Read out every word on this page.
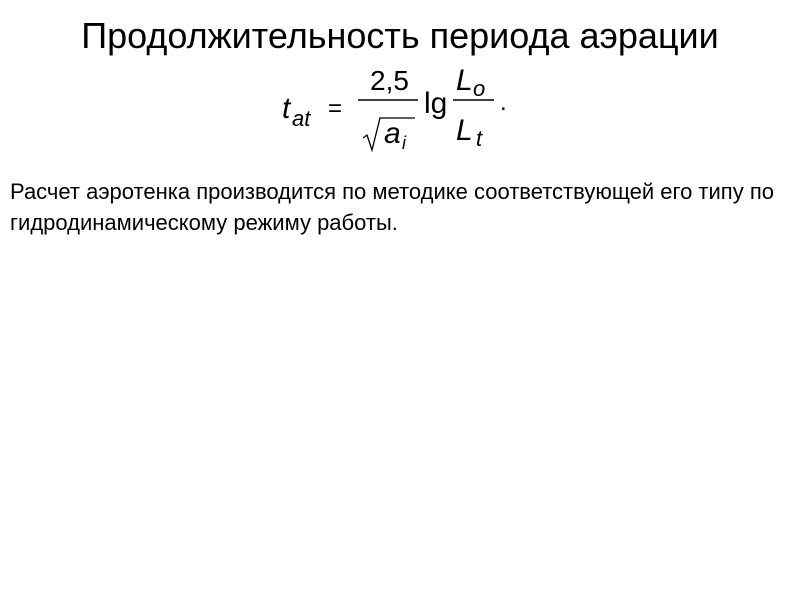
Продолжительность периода аэрации
t at =
2,5
a i
lg
L o
L t
.
Расчет аэротенка производится по методике соответствующей его типу по гидродинамическому режиму работы.
